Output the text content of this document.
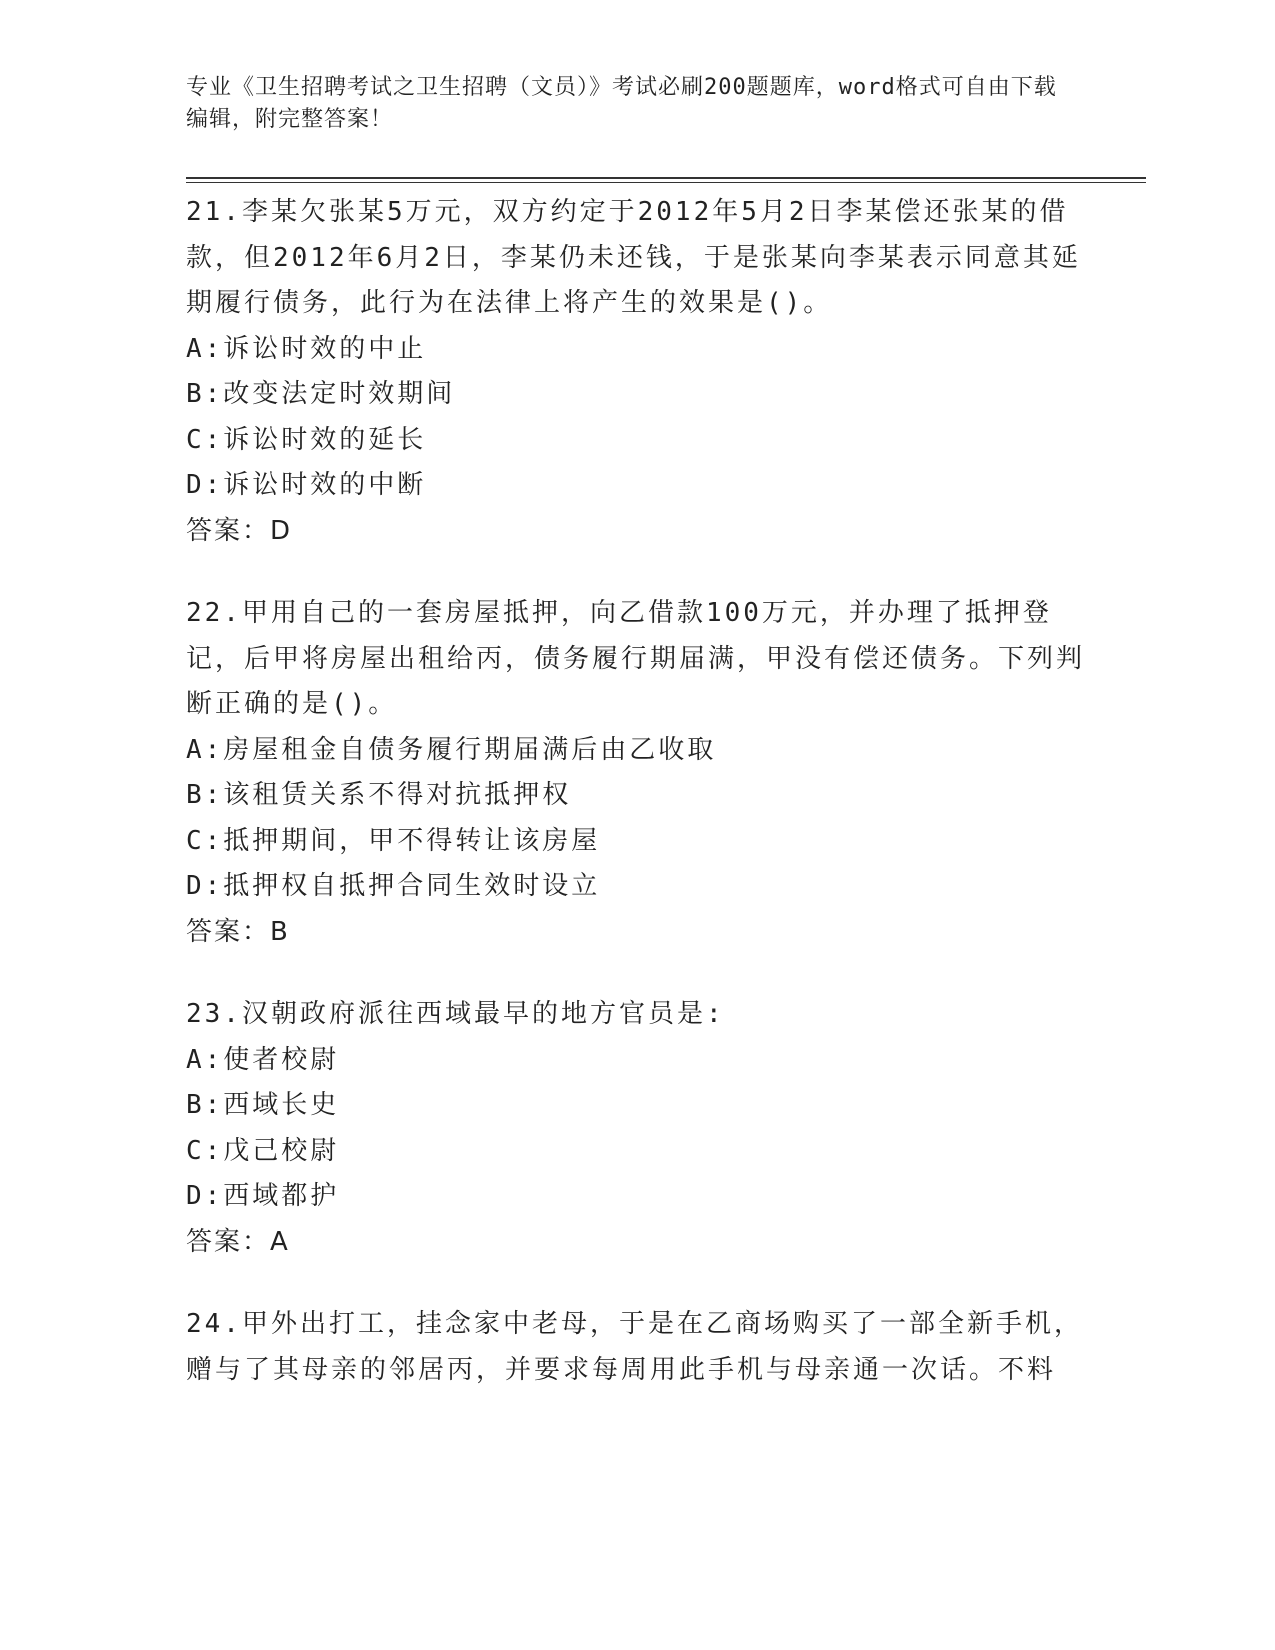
专业《卫生招聘考试之卫生招聘（文员）》考试必刷200题题库，word格式可自由下载编辑，附完整答案！

21.李某欠张某5万元，双方约定于2012年5月2日李某偿还张某的借款，但2012年6月2日，李某仍未还钱，于是张某向李某表示同意其延期履行债务，此行为在法律上将产生的效果是()。

A:诉讼时效的中止

B:改变法定时效期间

C:诉讼时效的延长

D:诉讼时效的中断

答案：D

22.甲用自己的一套房屋抵押，向乙借款100万元，并办理了抵押登记，后甲将房屋出租给丙，债务履行期届满，甲没有偿还债务。下列判断正确的是()。

A:房屋租金自债务履行期届满后由乙收取

B:该租赁关系不得对抗抵押权

C:抵押期间，甲不得转让该房屋

D:抵押权自抵押合同生效时设立

答案：B

23.汉朝政府派往西域最早的地方官员是:

A:使者校尉

B:西域长史

C:戊己校尉

D:西域都护

答案：A

24.甲外出打工，挂念家中老母，于是在乙商场购买了一部全新手机，赠与了其母亲的邻居丙，并要求每周用此手机与母亲通一次话。不料
